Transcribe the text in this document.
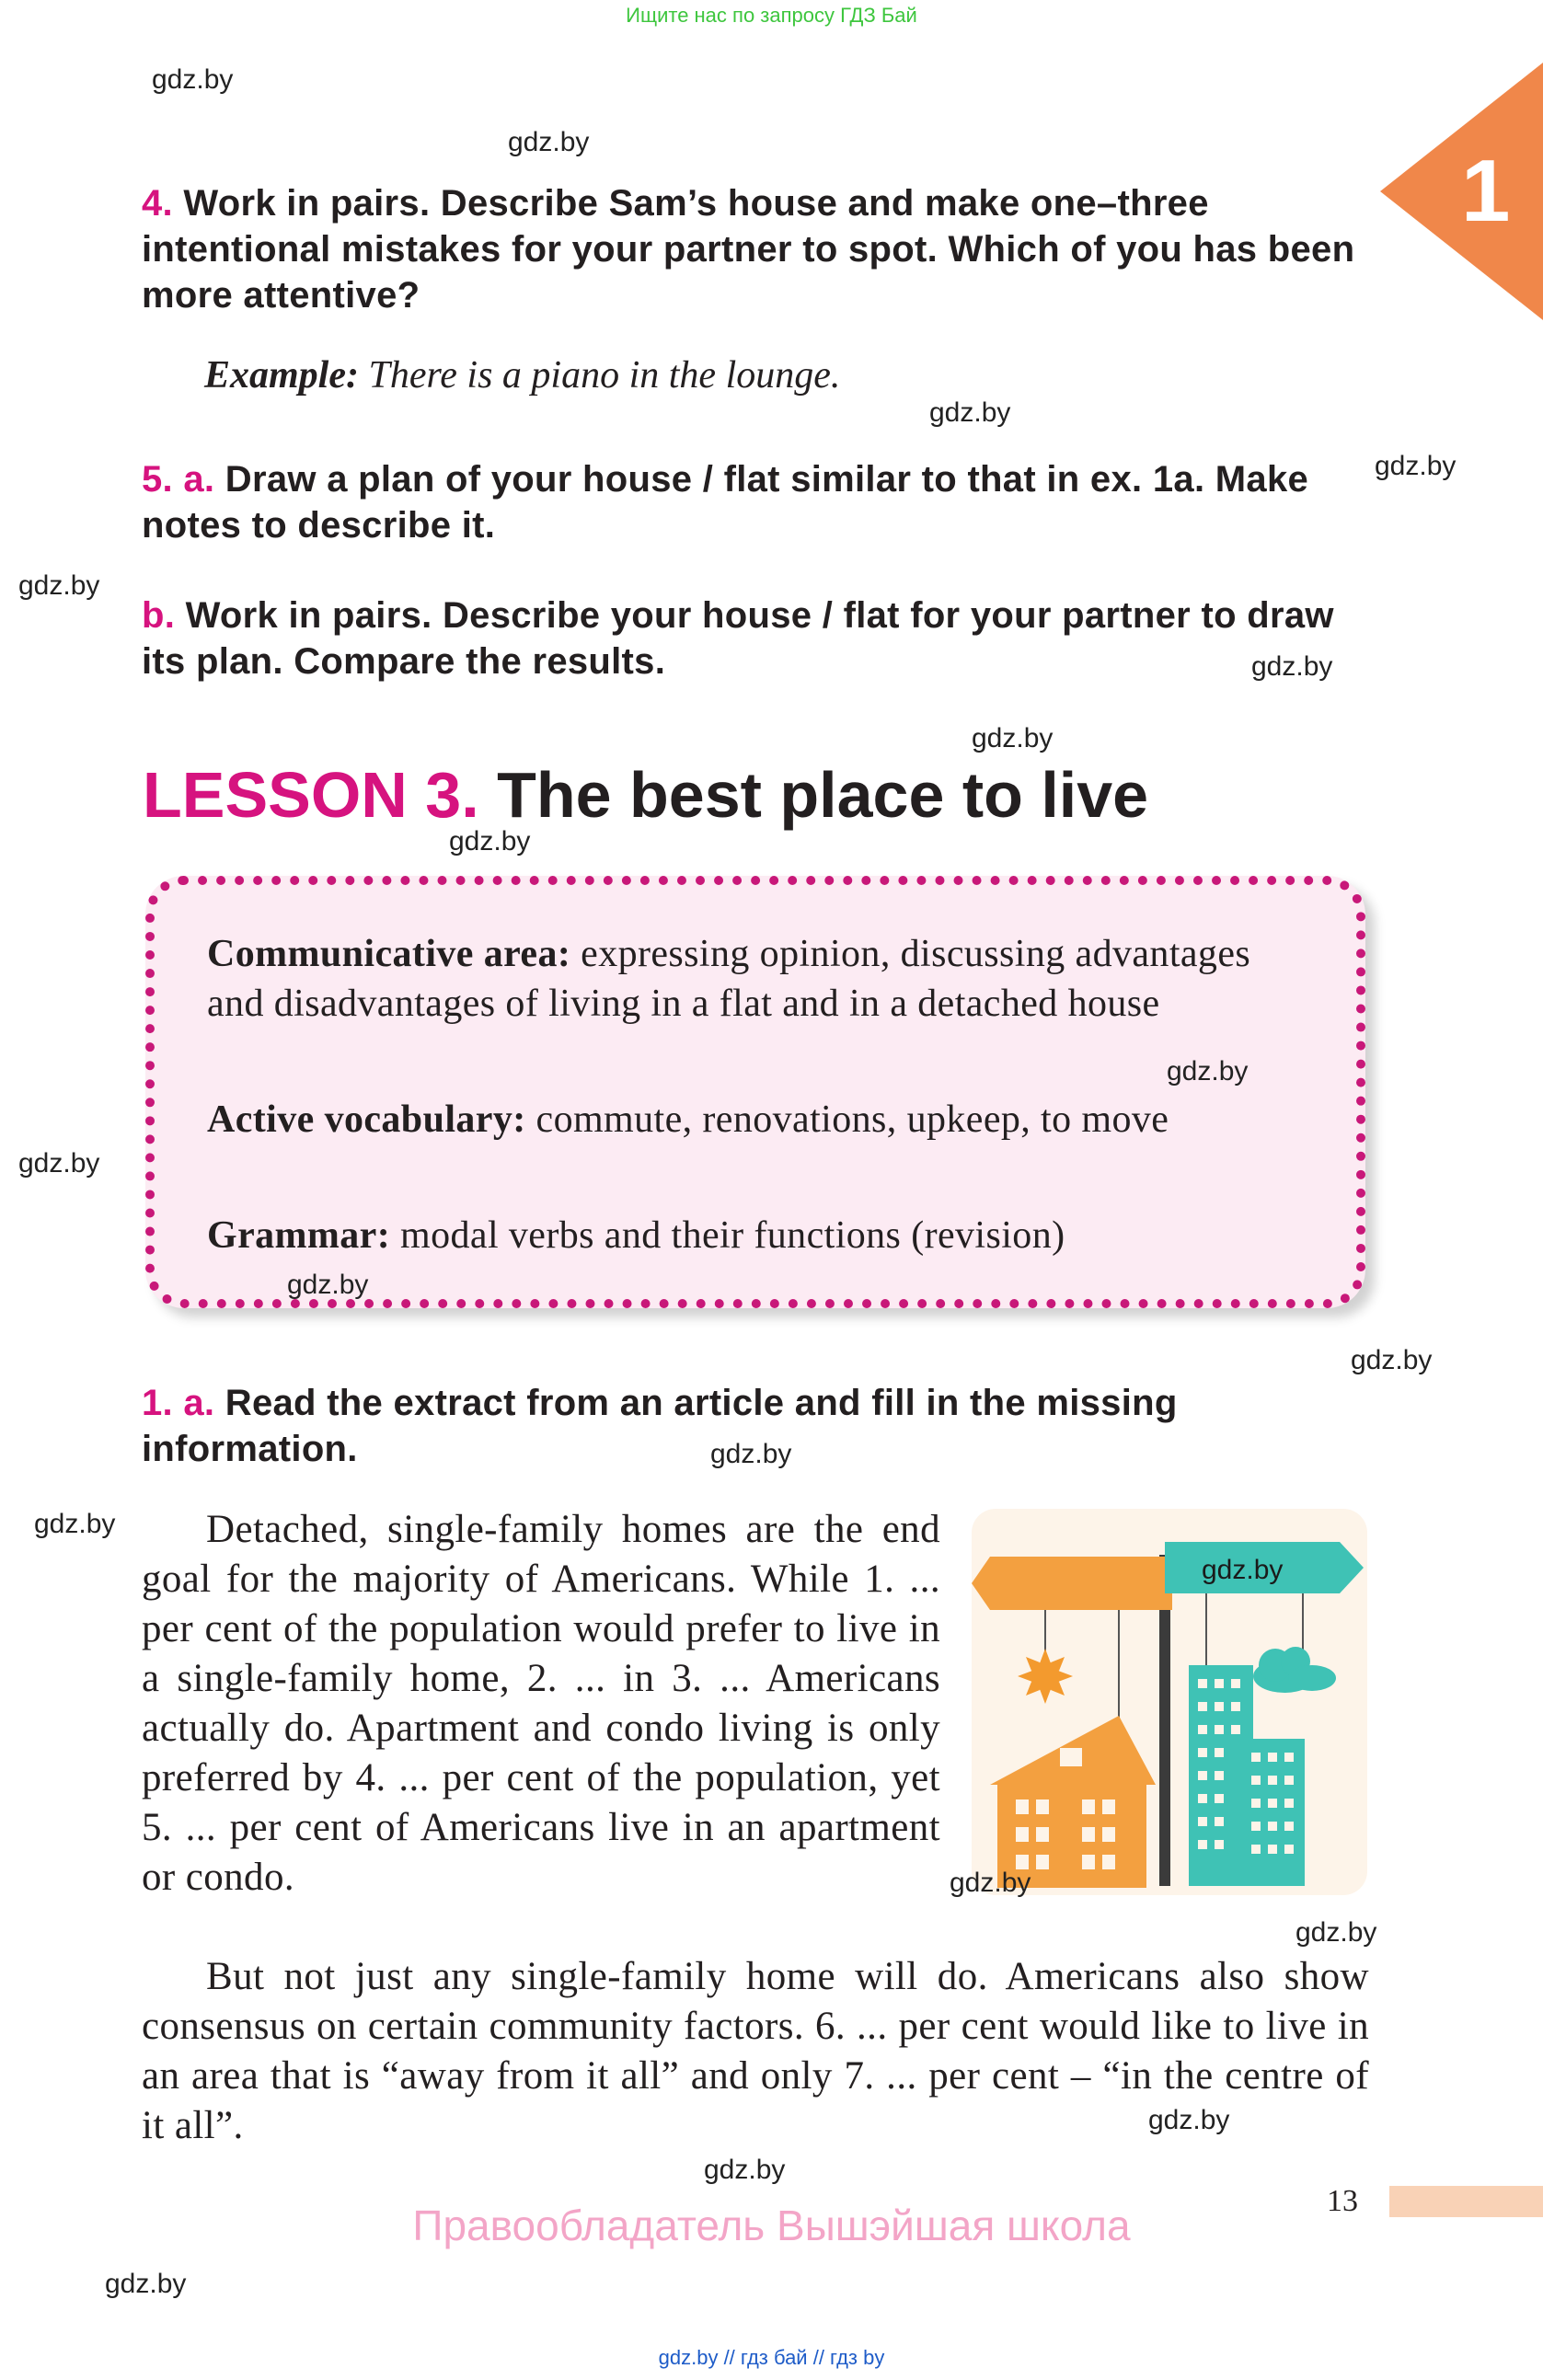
Ищите нас по запросу ГДЗ Бай
1
4. Work in pairs. Describe Sam’s house and make one–three intentional mistakes for your partner to spot. Which of you has been more attentive?
Example: There is a piano in the lounge.
5. a. Draw a plan of your house / flat similar to that in ex. 1a. Make notes to describe it.
b. Work in pairs. Describe your house / flat for your partner to draw its plan. Compare the results.
LESSON 3. The best place to live
Communicative area: expressing opinion, discussing advantages and disadvantages of living in a flat and in a detached house
Active vocabulary: commute, renovations, upkeep, to move
Grammar: modal verbs and their functions (revision)
1. a. Read the extract from an article and fill in the missing information.
Detached, single-family homes are the end goal for the majority of Americans. While 1. ... per cent of the population would prefer to live in a single-family home, 2. ... in 3. ... Americans actually do. Apartment and condo living is only preferred by 4. ... per cent of the population, yet 5. ... per cent of Americans live in an apartment or condo.
But not just any single-family home will do. Americans also show consensus on certain community factors. 6. ... per cent would like to live in an area that is “away from it all” and only 7. ... per cent – “in the centre of it all”.
gdz.by
gdz.by
gdz.by
gdz.by
gdz.by
gdz.by
gdz.by
gdz.by
gdz.by
gdz.by
gdz.by
gdz.by
gdz.by
gdz.by
gdz.by
gdz.by
gdz.by
gdz.by
gdz.by
gdz.by
13
Правообладатель Вышэйшая школа
gdz.by // гдз бай // гдз by
